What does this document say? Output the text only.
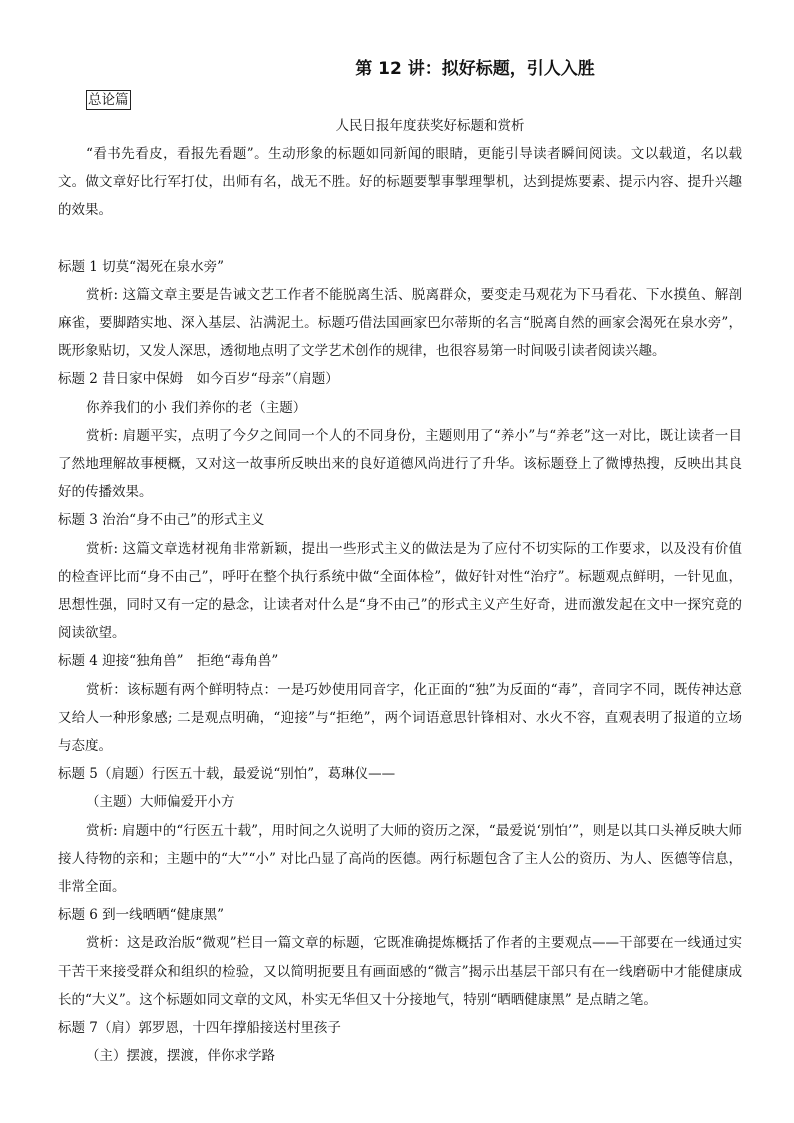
第 12 讲：拟好标题，引人入胜
总论篇
人民日报年度获奖好标题和赏析

“看书先看皮，看报先看题”。生动形象的标题如同新闻的眼睛，更能引导读者瞬间阅读。文以载道，名以载文。做文章好比行军打仗，出师有名，战无不胜。好的标题要掣事掣理掣机，达到提炼要素、提示内容、提升兴趣的效果。

标题 1 切莫“渴死在泉水旁”

赏析: 这篇文章主要是告诫文艺工作者不能脱离生活、脱离群众，要变走马观花为下马看花、下水摸鱼、解剖麻雀，要脚踏实地、深入基层、沾满泥土。标题巧借法国画家巴尔蒂斯的名言“脱离自然的画家会渴死在泉水旁”，既形象贴切，又发人深思，透彻地点明了文学艺术创作的规律，也很容易第一时间吸引读者阅读兴趣。

标题 2 昔日家中保姆　如今百岁“母亲”（肩题）
你养我们的小 我们养你的老（主题）

赏析: 肩题平实，点明了今夕之间同一个人的不同身份，主题则用了“养小”与“养老”这一对比，既让读者一目了然地理解故事梗概，又对这一故事所反映出来的良好道德风尚进行了升华。该标题登上了微博热搜，反映出其良好的传播效果。

标题 3 治治“身不由己”的形式主义

赏析: 这篇文章选材视角非常新颖，提出一些形式主义的做法是为了应付不切实际的工作要求，以及没有价值的检查评比而“身不由己”，呼吁在整个执行系统中做“全面体检”，做好针对性“治疗”。标题观点鲜明，一针见血，思想性强，同时又有一定的悬念，让读者对什么是“身不由己”的形式主义产生好奇，进而激发起在文中一探究竟的阅读欲望。

标题 4 迎接“独角兽”　拒绝“毒角兽”

赏析：该标题有两个鲜明特点：一是巧妙使用同音字，化正面的“独”为反面的“毒”，音同字不同，既传神达意又给人一种形象感; 二是观点明确，“迎接”与“拒绝”，两个词语意思针锋相对、水火不容，直观表明了报道的立场与态度。

标题 5（肩题）行医五十载，最爱说“别怕”，葛琳仪——
（主题）大师偏爱开小方

赏析: 肩题中的“行医五十载”，用时间之久说明了大师的资历之深，“最爱说‘别怕’”，则是以其口头禅反映大师接人待物的亲和；主题中的“大”“小” 对比凸显了高尚的医德。两行标题包含了主人公的资历、为人、医德等信息，非常全面。

标题 6 到一线晒晒“健康黑”

赏析：这是政治版“微观”栏目一篇文章的标题，它既准确提炼概括了作者的主要观点——干部要在一线通过实干苦干来接受群众和组织的检验，又以简明扼要且有画面感的“微言”揭示出基层干部只有在一线磨砺中才能健康成长的“大义”。这个标题如同文章的文风，朴实无华但又十分接地气，特别“晒晒健康黑” 是点睛之笔。

标题 7（肩）郭罗恩，十四年撑船接送村里孩子
（主）摆渡，摆渡，伴你求学路
